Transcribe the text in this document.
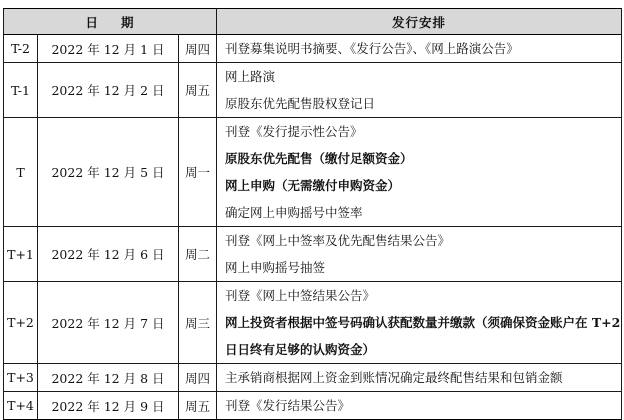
日 期			发行安排
T-2	2022 年 12 月 1 日	周四	刊登募集说明书摘要、《发行公告》、《网上路演公告》

T-1	2022 年 12 月 2 日	周五	网上路演
原股东优先配售股权登记日

T	2022 年 12 月 5 日	周一	刊登《发行提示性公告》
原股东优先配售（缴付足额资金）
网上申购（无需缴付申购资金）
确定网上申购摇号中签率

T+1	2022 年 12 月 6 日	周二	刊登《网上中签率及优先配售结果公告》
网上申购摇号抽签

T+2	2022 年 12 月 7 日	周三	刊登《网上中签结果公告》
网上投资者根据中签号码确认获配数量并缴款（须确保资金账户在 T+2 日日终有足够的认购资金）

T+3	2022 年 12 月 8 日	周四	主承销商根据网上资金到账情况确定最终配售结果和包销金额

T+4	2022 年 12 月 9 日	周五	刊登《发行结果公告》
